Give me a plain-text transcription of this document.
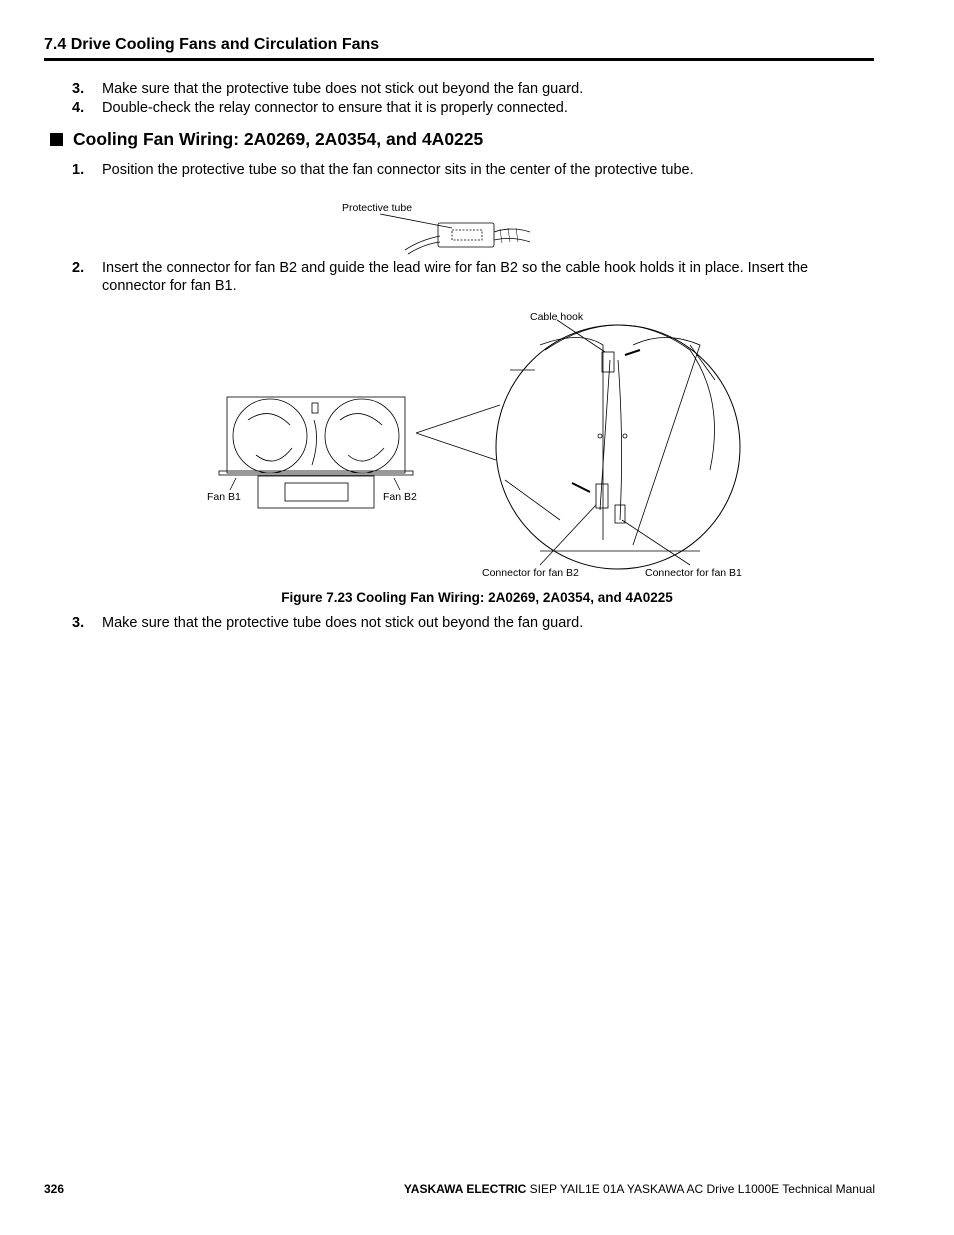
7.4 Drive Cooling Fans and Circulation Fans
3.	Make sure that the protective tube does not stick out beyond the fan guard.
4.	Double-check the relay connector to ensure that it is properly connected.
Cooling Fan Wiring: 2A0269, 2A0354, and 4A0225
1.	Position the protective tube so that the fan connector sits in the center of the protective tube.
2.	Insert the connector for fan B2 and guide the lead wire for fan B2 so the cable hook holds it in place. Insert the
connector for fan B1.
Protective tube
Fan B1	Fan B2
Cable hook
Connector for fan B2	Connector for fan B1
Figure 7.23 Cooling Fan Wiring: 2A0269, 2A0354, and 4A0225
3.	Make sure that the protective tube does not stick out beyond the fan guard.
326	YASKAWA ELECTRIC SIEP YAIL1E 01A YASKAWA AC Drive L1000E Technical Manual
